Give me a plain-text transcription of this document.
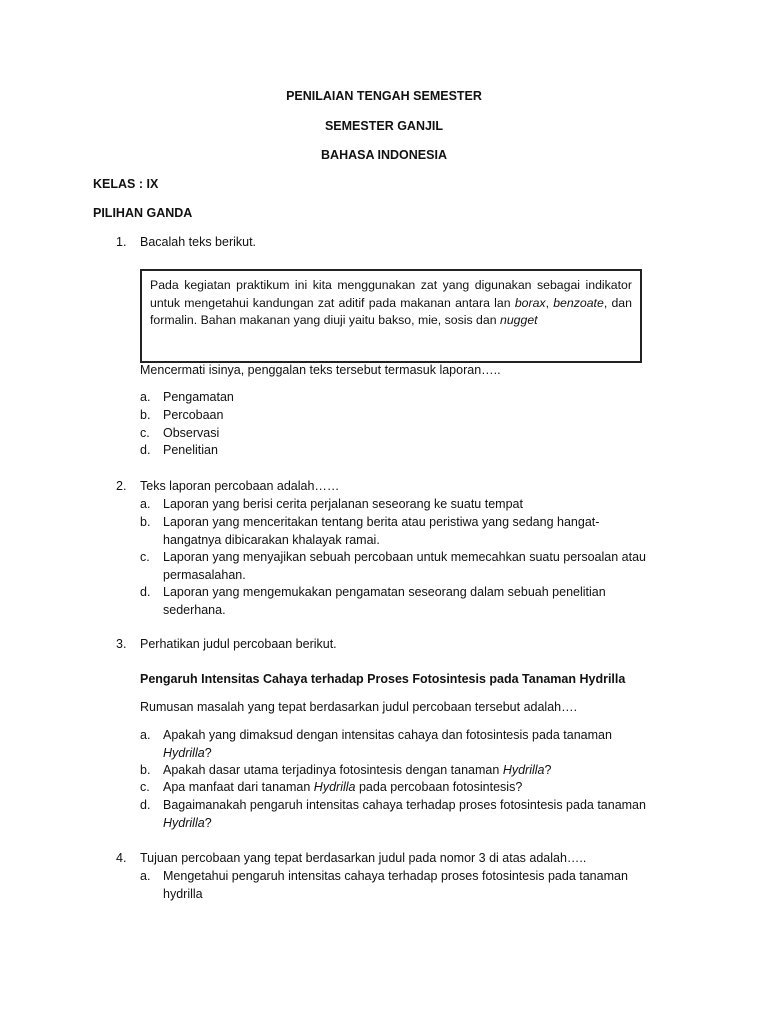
PENILAIAN TENGAH SEMESTER
SEMESTER GANJIL
BAHASA INDONESIA
KELAS : IX
PILIHAN GANDA
1.	Bacalah teks berikut.
Pada kegiatan praktikum ini kita menggunakan zat yang digunakan sebagai indikator untuk mengetahui kandungan zat aditif pada makanan antara lan borax, benzoate, dan formalin. Bahan makanan yang diuji yaitu bakso, mie, sosis dan nugget
Mencermati isinya, penggalan teks tersebut termasuk laporan…..
a.	Pengamatan
b.	Percobaan
c.	Observasi
d.	Penelitian
2.	Teks laporan percobaan adalah……
a.	Laporan yang berisi cerita perjalanan seseorang ke suatu tempat
b.	Laporan yang menceritakan tentang berita atau peristiwa yang sedang hangat-
hangatnya dibicarakan khalayak ramai.
c.	Laporan yang menyajikan sebuah percobaan untuk memecahkan suatu persoalan atau
permasalahan.
d.	Laporan yang mengemukakan pengamatan seseorang dalam sebuah penelitian
sederhana.
3.	Perhatikan judul percobaan berikut.
Pengaruh Intensitas Cahaya terhadap Proses Fotosintesis pada Tanaman Hydrilla
Rumusan masalah yang tepat berdasarkan judul percobaan tersebut adalah….
a.	Apakah yang dimaksud dengan intensitas cahaya dan fotosintesis pada tanaman
Hydrilla?
b.	Apakah dasar utama terjadinya fotosintesis dengan tanaman Hydrilla?
c.	Apa manfaat dari tanaman Hydrilla pada percobaan fotosintesis?
d.	Bagaimanakah pengaruh intensitas cahaya terhadap proses fotosintesis pada tanaman
Hydrilla?
4.	Tujuan percobaan yang tepat berdasarkan judul pada nomor 3 di atas adalah…..
a.	Mengetahui pengaruh intensitas cahaya terhadap proses fotosintesis pada tanaman
hydrilla
